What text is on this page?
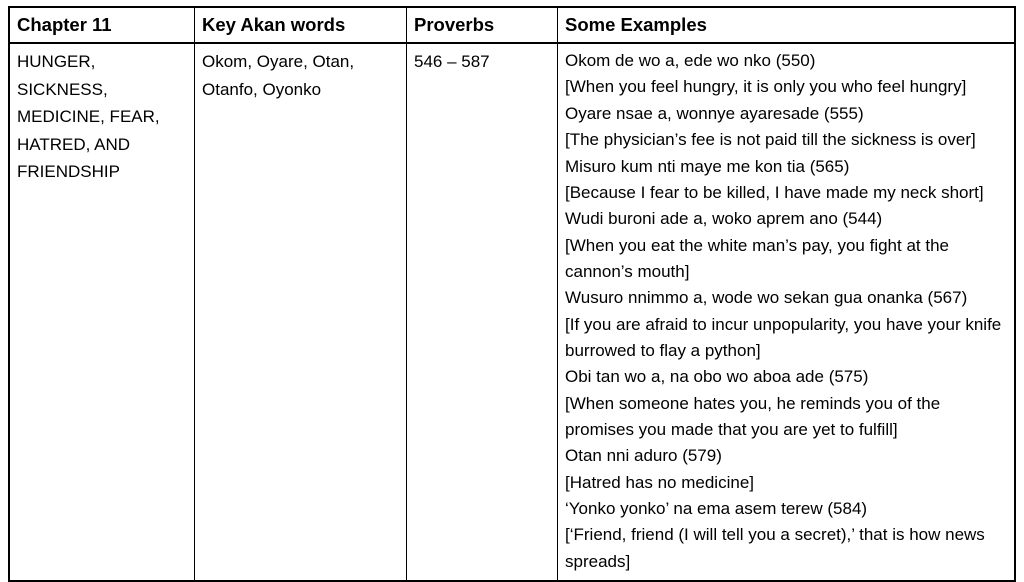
Chapter 11	Key Akan words	Proverbs	Some Examples
HUNGER, SICKNESS, MEDICINE, FEAR, HATRED, AND FRIENDSHIP	Okom, Oyare, Otan, Otanfo, Oyonko	546 – 587	Okom de wo a, ede wo nko (550)
[When you feel hungry, it is only you who feel hungry]
Oyare nsae a, wonnye ayaresade (555)
[The physician’s fee is not paid till the sickness is over]
Misuro kum nti maye me kon tia (565)
[Because I fear to be killed, I have made my neck short]
Wudi buroni ade a, woko aprem ano (544)
[When you eat the white man’s pay, you fight at the cannon’s mouth]
Wusuro nnimmo a, wode wo sekan gua onanka (567)
[If you are afraid to incur unpopularity, you have your knife burrowed to flay a python]
Obi tan wo a, na obo wo aboa ade (575)
[When someone hates you, he reminds you of the promises you made that you are yet to fulfill]
Otan nni aduro (579)
[Hatred has no medicine]
‘Yonko yonko’ na ema asem terew (584)
[‘Friend, friend (I will tell you a secret),’ that is how news spreads]
